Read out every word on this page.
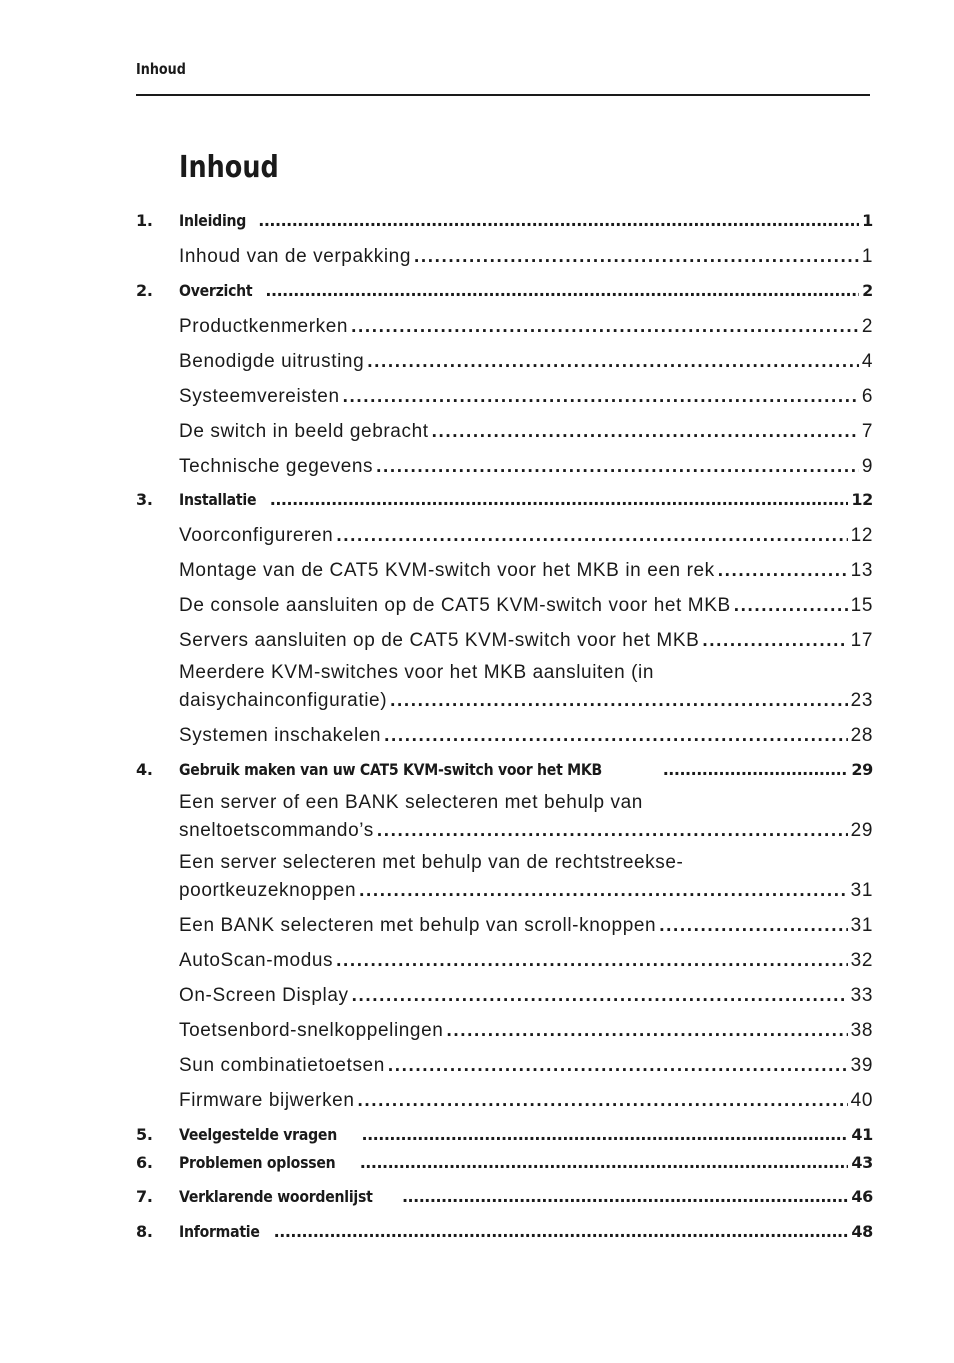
Inhoud
Inhoud
1. Inleiding .....	1
Inhoud van de verpakking .....	1
2. Overzicht .....	2
Productkenmerken .....	2
Benodigde uitrusting .....	4
Systeemvereisten .....	6
De switch in beeld gebracht .....	7
Technische gegevens .....	9
3. Installatie .....	12
Voorconfigureren .....	12
Montage van de CAT5 KVM-switch voor het MKB in een rek .....	13
De console aansluiten op de CAT5 KVM-switch voor het MKB .....	15
Servers aansluiten op de CAT5 KVM-switch voor het MKB .....	17
Meerdere KVM-switches voor het MKB aansluiten (in
daisychainconfiguratie) .....	23
Systemen inschakelen .....	28
4. Gebruik maken van uw CAT5 KVM-switch voor het MKB .....	29
Een server of een BANK selecteren met behulp van
sneltoetscommando’s .....	29
Een server selecteren met behulp van de rechtstreekse-
poortkeuzeknoppen .....	31
Een BANK selecteren met behulp van scroll-knoppen .....	31
AutoScan-modus .....	32
On-Screen Display .....	33
Toetsenbord-snelkoppelingen .....	38
Sun combinatietoetsen .....	39
Firmware bijwerken .....	40
5. Veelgestelde vragen .....	41
6. Problemen oplossen .....	43
7. Verklarende woordenlijst .....	46
8. Informatie .....	48
